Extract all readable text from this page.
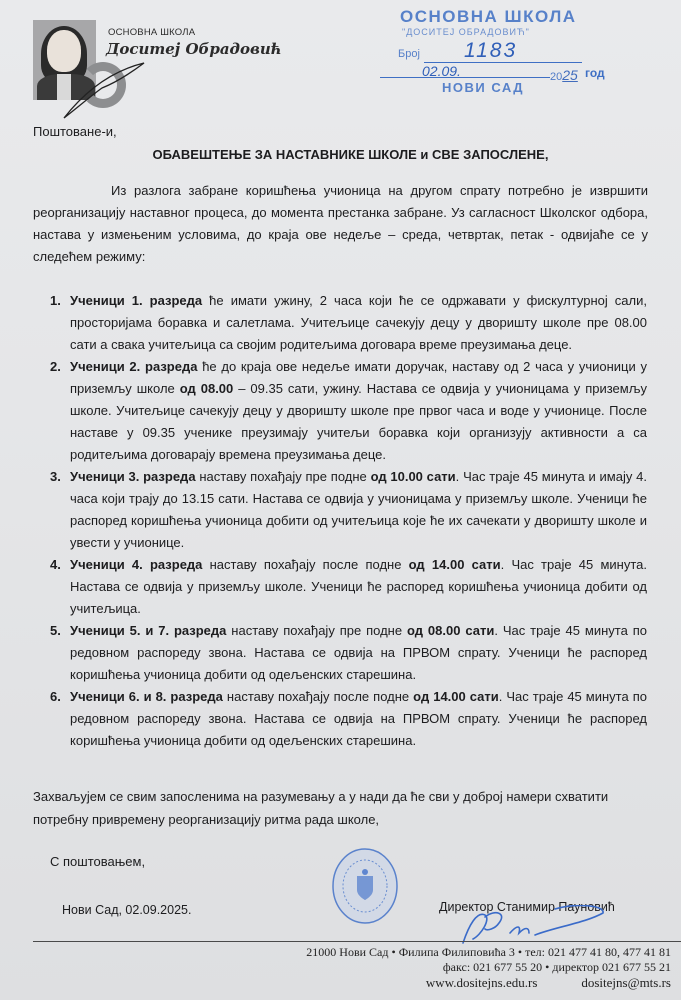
ОСНОВНА ШКОЛА
Доситеј Обрадовић
ОСНОВНА ШКОЛА
"ДОСИТЕЈ ОБРАДОВИЋ"
Број 1183
02.09.	2025 год
НОВИ САД
Поштоване-и,
ОБАВЕШТЕЊЕ ЗА НАСТАВНИКЕ ШКОЛЕ и СВЕ ЗАПОСЛЕНЕ,
Из разлога забране коришћења учионица на другом спрату потребно је извршити реорганизацију наставног процеса, до момента престанка забране. Уз сагласност Школског одбора, настава у измењеним условима, до краја ове недеље – среда, четвртак, петак - одвијаће се у следећем режиму:
1. Ученици 1. разреда ће имати ужину, 2 часа који ће се одржавати у фискултурној сали, просторијама боравка и салетлама. Учитељице сачекују децу у дворишту школе пре 08.00 сати а свака учитељица са својим родитељима договара време преузимања деце.
2. Ученици 2. разреда ће до краја ове недеље имати доручак, наставу од 2 часа у учионици у приземљу школе од 08.00 – 09.35 сати, ужину. Настава се одвија у учионицама у приземљу школе. Учитељице сачекују децу у дворишту школе пре првог часа и воде у учионице. После наставе у 09.35 ученике преузимају учитељи боравка који организују активности а са родитељима договарају времена преузимања деце.
3. Ученици 3. разреда наставу похађају пре подне од 10.00 сати. Час траје 45 минута и имају 4. часа који трају до 13.15 сати. Настава се одвија у учионицама у приземљу школе. Ученици ће распоред коришћења учионица добити од учитељица које ће их сачекати у дворишту школе и увести у учионице.
4. Ученици 4. разреда наставу похађају после подне од 14.00 сати. Час траје 45 минута. Настава се одвија у приземљу школе. Ученици ће распоред коришћења учионица добити од учитељица.
5. Ученици 5. и 7. разреда наставу похађају пре подне од 08.00 сати. Час траје 45 минута по редовном распореду звона. Настава се одвија на ПРВОМ спрату. Ученици ће распоред коришћења учионица добити од одељенских старешина.
6. Ученици 6. и 8. разреда наставу похађају после подне од 14.00 сати. Час траје 45 минута по редовном распореду звона. Настава се одвија на ПРВОМ спрату. Ученици ће распоред коришћења учионица добити од одељенских старешина.
Захваљујем се свим запосленима на разумевању а у нади да ће сви у доброј намери схватити потребну привремену реорганизацију ритма рада школе,
С поштовањем,
Нови Сад, 02.09.2025.	Директор Станимир Пауновић
21000 Нови Сад • Филипа Филиповића 3 • тел: 021 477 41 80, 477 41 81
факс: 021 677 55 20 • директор 021 677 55 21
www.dositejns.edu.rs	dositejns@mts.rs
